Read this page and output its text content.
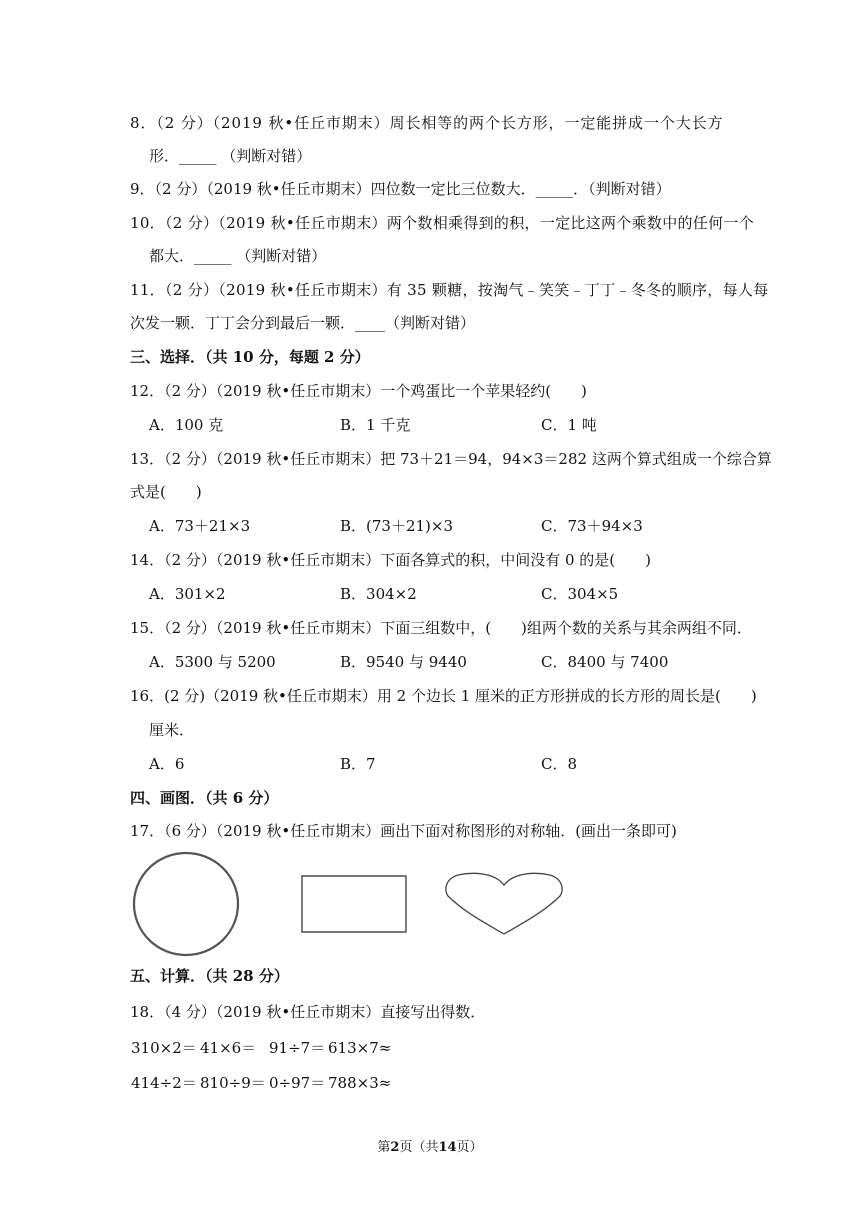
8．（2 分）（2019 秋•任丘市期末）周长相等的两个长方形，一定能拼成一个大长方
形．_____ （判断对错）
9．（2 分）（2019 秋•任丘市期末）四位数一定比三位数大．_____．（判断对错）
10．（2 分）（2019 秋•任丘市期末）两个数相乘得到的积，一定比这两个乘数中的任何一个
都大．_____ （判断对错）
11．（2 分）（2019 秋•任丘市期末）有 35 颗糖，按淘气﹣笑笑﹣丁丁﹣冬冬的顺序，每人每
次发一颗．丁丁会分到最后一颗．____（判断对错）
三、选择．（共 10 分，每题 2 分）
12．（2 分）（2019 秋•任丘市期末）一个鸡蛋比一个苹果轻约(　　)
A．100 克	B．1 千克	C．1 吨
13．（2 分）（2019 秋•任丘市期末）把 73＋21＝94，94×3＝282 这两个算式组成一个综合算
式是(　　)
A．73＋21×3	B．(73＋21)×3	C．73＋94×3
14．（2 分）（2019 秋•任丘市期末）下面各算式的积，中间没有 0 的是(　　)
A．301×2	B．304×2	C．304×5
15．（2 分）（2019 秋•任丘市期末）下面三组数中，(　　)组两个数的关系与其余两组不同．
A．5300 与 5200	B．9540 与 9440	C．8400 与 7400
16．(2 分)（2019 秋•任丘市期末）用 2 个边长 1 厘米的正方形拼成的长方形的周长是(　　)
厘米．
A．6	B．7	C．8
四、画图．（共 6 分）
17．（6 分）（2019 秋•任丘市期末）画出下面对称图形的对称轴．(画出一条即可)
五、计算．（共 28 分）
18．（4 分）（2019 秋•任丘市期末）直接写出得数．
310×2＝ 41×6＝ 91÷7＝ 613×7≈
414÷2＝ 810÷9＝ 0÷97＝ 788×3≈
第2页（共14页）
